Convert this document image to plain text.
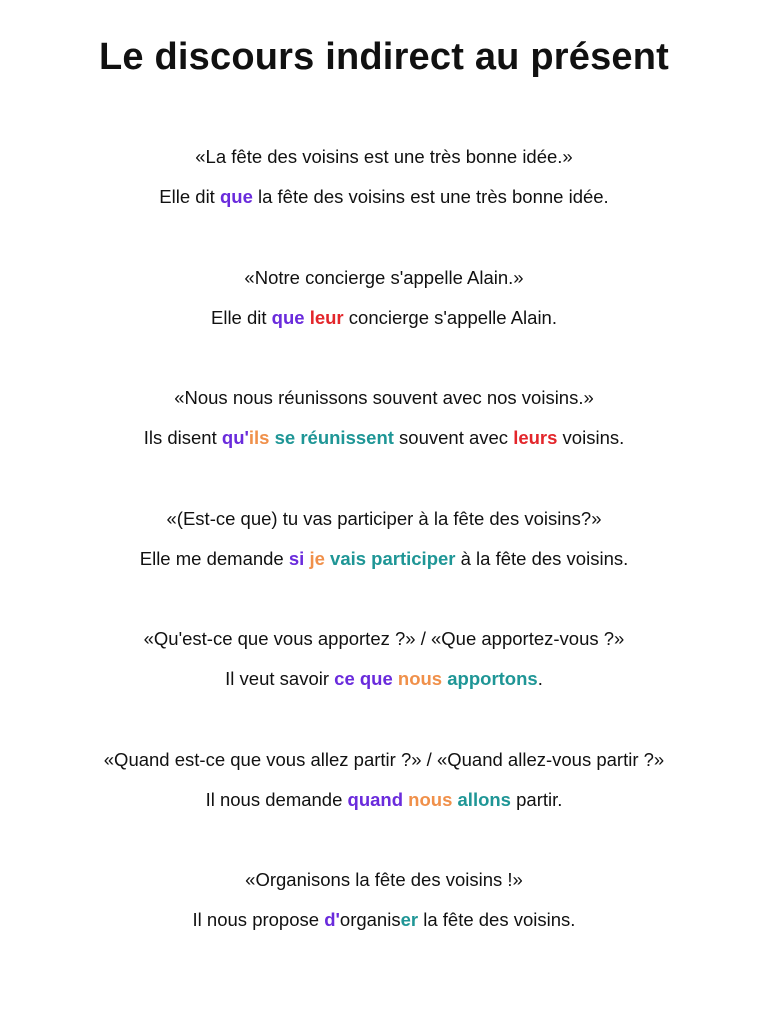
Le discours indirect au présent
«La fête des voisins est une très bonne idée.»
Elle dit que la fête des voisins est une très bonne idée.
«Notre concierge s'appelle Alain.»
Elle dit que leur concierge s'appelle Alain.
«Nous nous réunissons souvent avec nos voisins.»
Ils disent qu'ils se réunissent souvent avec leurs voisins.
«(Est-ce que) tu vas participer à la fête des voisins?»
Elle me demande si je vais participer à la fête des voisins.
«Qu'est-ce que vous apportez ?» / «Que apportez-vous ?»
Il veut savoir ce que nous apportons.
«Quand est-ce que vous allez partir ?» / «Quand allez-vous partir ?»
Il nous demande quand nous allons partir.
«Organisons la fête des voisins !»
Il nous propose d'organiser la fête des voisins.
